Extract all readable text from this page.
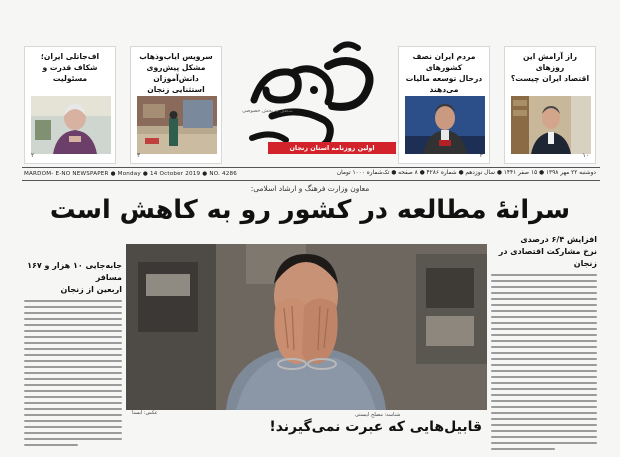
اف‌جاتلی ایران؛
شکاف قدرت و مسئولیت
۲
سرویس ایاب‌وذهاب مشکل پیش‌روی
دانش‌آموزان استثنایی زنجان
۳
منطق به بخش خصوصی
اولین روزنامه استان زنجان
مردم ایران نصف کشورهای
درحال توسعه مالیات می‌دهند
۳
راز آرامش این روزهای
اقتصاد ایران چیست؟
۱۰
MARDOM- E-NO NEWSPAPER ● Monday ● 14 October 2019 ● NO. 4286	دوشنبه ۲۲ مهر ۱۳۹۸ ● ۱۵ صفر ۱۴۴۱ ● سال نوزدهم ● شماره ۴۲۸۶ ● ۸ صفحه ● تک‌شماره ۱۰۰۰ تومان
معاون وزارت فرهنگ و ارشاد اسلامی:
سرانهٔ مطالعه در کشور رو به کاهش است
افزایش ۶/۴ درصدی
نرخ مشارکت اقتصادی در زنجان
جابه‌جایی ۱۰ هزار و ۱۶۷ مسافر
اربعین از زنجان
عکس: ایسنا	شناسه: مصلح ابیستی
قابیل‌هایی که عبرت نمی‌گیرند!
